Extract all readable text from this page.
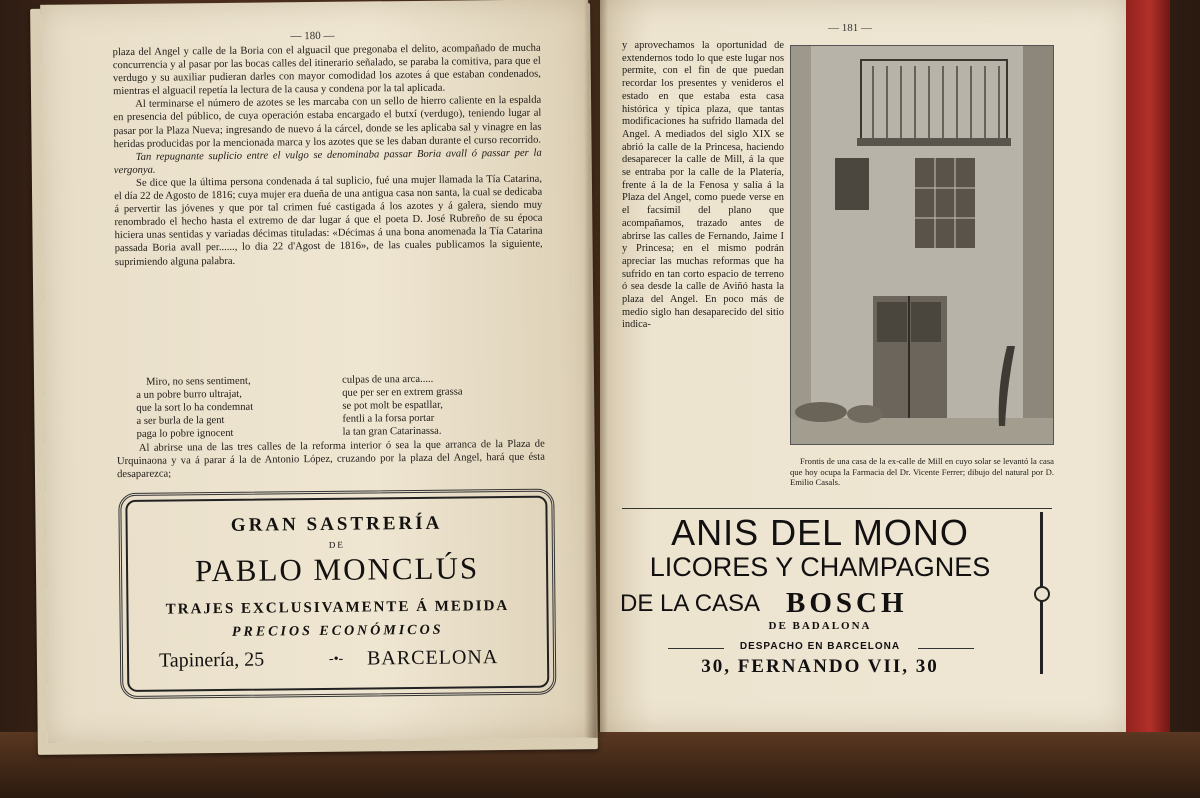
— 180 —

plaza del Angel y calle de la Boria con el alguacil que pregonaba el delito, acompañado de mucha concurrencia y al pasar por las bocas calles del itinerario señalado, se paraba la comitiva, para que el verdugo y su auxiliar pudieran darles con mayor comodidad los azotes á que estaban condenados, mientras el alguacil repetía la lectura de la causa y condena por la tal aplicada.

Al terminarse el número de azotes se les marcaba con un sello de hierro caliente en la espalda en presencia del público, de cuya operación estaba encargado el butxí (verdugo), teniendo lugar al pasar por la Plaza Nueva; ingresando de nuevo á la cárcel, donde se les aplicaba sal y vinagre en las heridas producidas por la mencionada marca y los azotes que se les daban durante el curso recorrido.

Tan repugnante suplicio entre el vulgo se denominaba passar Boria avall ó passar per la vergonya.

Se dice que la última persona condenada á tal suplicio, fué una mujer llamada la Tía Catarina, el día 22 de Agosto de 1816; cuya mujer era dueña de una antigua casa non santa, la cual se dedicaba á pervertir las jóvenes y que por tal crimen fué castigada á los azotes y á galera, siendo muy renombrado el hecho hasta el extremo de dar lugar á que el poeta D. José Rubreño de su época hiciera unas sentidas y variadas décimas tituladas: «Décimas á una bona anomenada la Tía Catarina passada Boria avall per......, lo dia 22 d'Agost de 1816», de las cuales publicamos la siguiente, suprimiendo alguna palabra.

Miro, no sens sentiment,
a un pobre burro ultrajat,
que la sort lo ha condemnat
a ser burla de la gent
paga lo pobre ignocent
culpas de una arca.....
que per ser en extrem grassa
se pot molt be espatllar,
fentli a la forsa portar
la tan gran Catarinassa.
Al abrirse una de las tres calles de la reforma interior ó sea la que arranca de la Plaza de Urquinaona y va á parar á la de Antonio López, cruzando por la plaza del Angel, hará que ésta desaparezca;
GRAN SASTRERÍA
DE
PABLO MONCLÚS
TRAJES EXCLUSIVAMENTE Á MEDIDA
PRECIOS ECONÓMICOS
Tapinería, 25	-•- BARCELONA
— 181 —
y aprovechamos la oportunidad de extendernos todo lo que este lugar nos permite, con el fin de que puedan recordar los presentes y venideros el estado en que estaba esta casa histórica y típica plaza, que tantas modificaciones ha sufrido llamada del Angel. A mediados del siglo XIX se abrió la calle de la Princesa, haciendo desaparecer la calle de Mill, á la que se entraba por la calle de la Platería, frente á la de la Fenosa y salía á la Plaza del Angel, como puede verse en el facsímil del plano que acompañamos, trazado antes de abrirse las calles de Fernando, Jaime I y Princesa; en el mismo podrán apreciar las muchas reformas que ha sufrido en tan corto espacio de terreno ó sea desde la calle de Aviñó hasta la plaza del Angel. En poco más de medio siglo han desaparecido del sitio indica-
Frontis de una casa de la ex-calle de Mill en cuyo solar se levantó la casa que hoy ocupa la Farmacia del Dr. Vicente Ferrer; dibujo del natural por D. Emilio Casals.
ANIS DEL MONO
LICORES Y CHAMPAGNES
DE LA CASA BOSCH
DE BADALONA
DESPACHO EN BARCELONA
30, FERNANDO VII, 30
